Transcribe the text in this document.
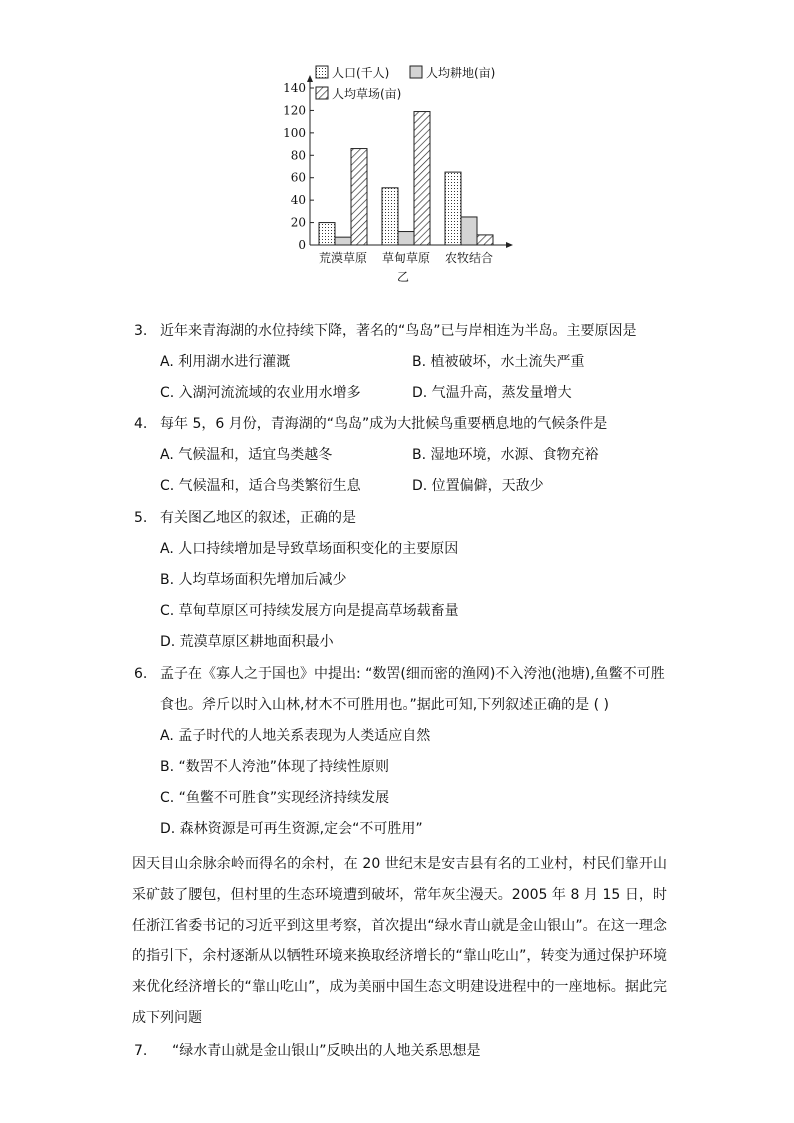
0
20
40
60
80
100
120
140
荒漠草原 草甸草原 农牧结合
乙
人口(千人)	人均耕地(亩)
人均草场(亩)
3. 近年来青海湖的水位持续下降，著名的“鸟岛”已与岸相连为半岛。主要原因是
A. 利用湖水进行灌溉	B. 植被破坏，水土流失严重
C. 入湖河流流域的农业用水增多	D. 气温升高，蒸发量增大
4. 每年 5，6 月份，青海湖的“鸟岛”成为大批候鸟重要栖息地的气候条件是
A. 气候温和，适宜鸟类越冬	B. 湿地环境，水源、食物充裕
C. 气候温和，适合鸟类繁衍生息	D. 位置偏僻，天敌少
5. 有关图乙地区的叙述，正确的是
A. 人口持续增加是导致草场面积变化的主要原因
B. 人均草场面积先增加后减少
C. 草甸草原区可持续发展方向是提高草场载畜量
D. 荒漠草原区耕地面积最小
6. 孟子在《寡人之于国也》中提出: “数罟(细而密的渔网)不入洿池(池塘),鱼鳖不可胜
食也。斧斤以时入山林,材木不可胜用也。”据此可知,下列叙述正确的是 ( )
A. 孟子时代的人地关系表现为人类适应自然
B. “数罟不人洿池”体现了持续性原则
C. “鱼鳖不可胜食”实现经济持续发展
D. 森林资源是可再生资源,定会“不可胜用”
因天目山余脉余岭而得名的余村，在 20 世纪末是安吉县有名的工业村，村民们靠开山采矿鼓了腰包，但村里的生态环境遭到破坏，常年灰尘漫天。2005 年 8 月 15 日，时任浙江省委书记的习近平到这里考察，首次提出“绿水青山就是金山银山”。在这一理念的指引下，余村逐渐从以牺牲环境来换取经济增长的“靠山吃山”，转变为通过保护环境来优化经济增长的“靠山吃山”，成为美丽中国生态文明建设进程中的一座地标。据此完成下列问题
7. “绿水青山就是金山银山”反映出的人地关系思想是
